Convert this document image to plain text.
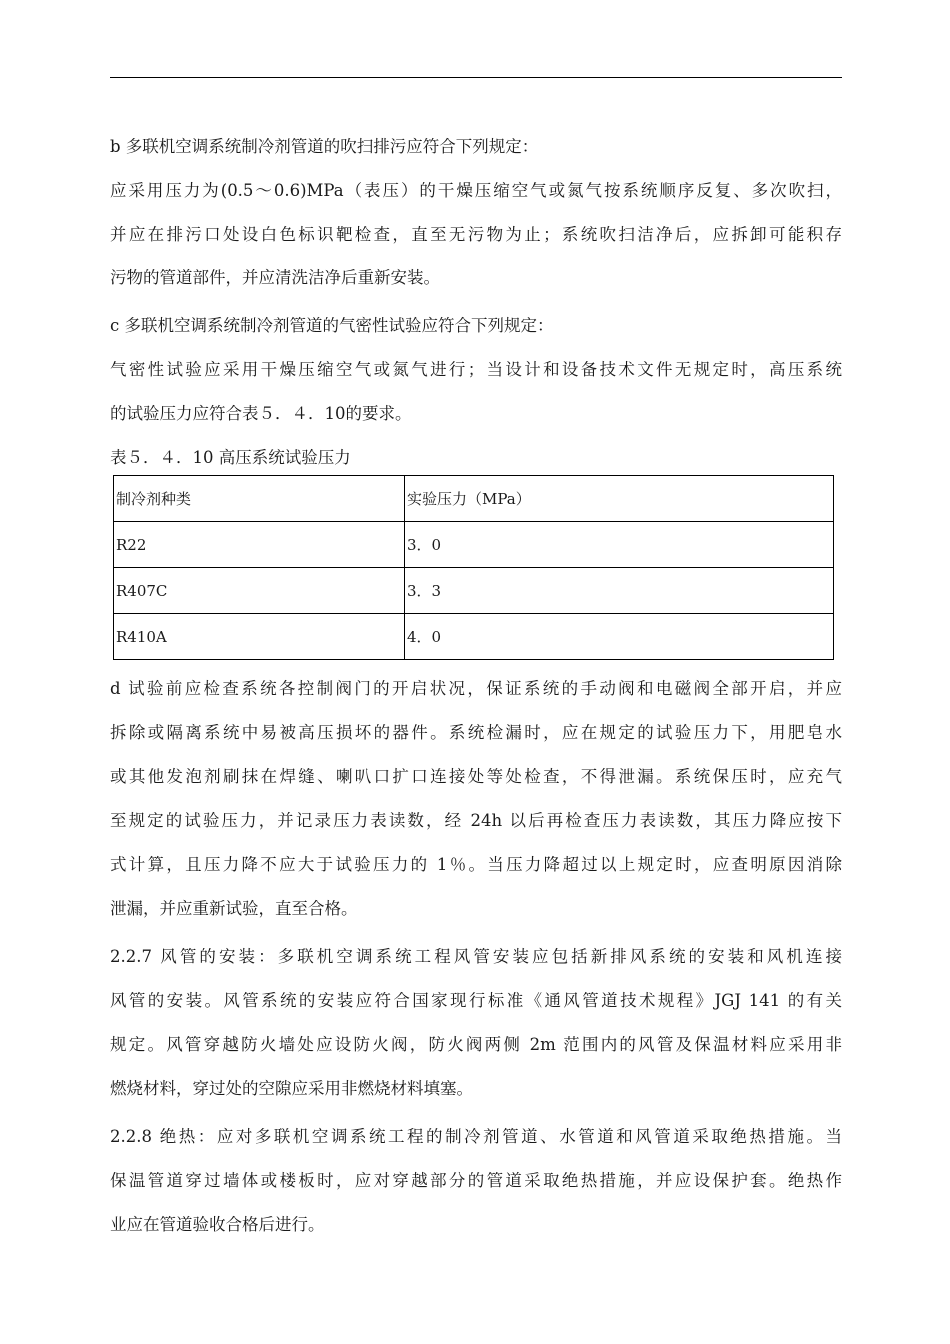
b 多联机空调系统制冷剂管道的吹扫排污应符合下列规定：
应采用压力为(0.5～0.6)MPa（表压）的干燥压缩空气或氮气按系统顺序反复、多次吹扫，
并应在排污口处设白色标识靶检查，直至无污物为止；系统吹扫洁净后，应拆卸可能积存
污物的管道部件，并应清洗洁净后重新安装。
c 多联机空调系统制冷剂管道的气密性试验应符合下列规定：
气密性试验应采用干燥压缩空气或氮气进行；当设计和设备技术文件无规定时，高压系统
的试验压力应符合表５．４．10的要求。
表５．４．10 高压系统试验压力
制冷剂种类	实验压力（MPa）
R22	3．0
R407C	3．3
R410A	4．0
d 试验前应检查系统各控制阀门的开启状况，保证系统的手动阀和电磁阀全部开启，并应
拆除或隔离系统中易被高压损坏的器件。系统检漏时，应在规定的试验压力下，用肥皂水
或其他发泡剂刷抹在焊缝、喇叭口扩口连接处等处检查，不得泄漏。系统保压时，应充气
至规定的试验压力，并记录压力表读数，经 24h 以后再检查压力表读数，其压力降应按下
式计算，且压力降不应大于试验压力的 1％。当压力降超过以上规定时，应查明原因消除
泄漏，并应重新试验，直至合格。
2.2.7 风管的安装：多联机空调系统工程风管安装应包括新排风系统的安装和风机连接
风管的安装。风管系统的安装应符合国家现行标准《通风管道技术规程》JGJ 141 的有关
规定。风管穿越防火墙处应设防火阀，防火阀两侧 2m 范围内的风管及保温材料应采用非
燃烧材料，穿过处的空隙应采用非燃烧材料填塞。
2.2.8 绝热：应对多联机空调系统工程的制冷剂管道、水管道和风管道采取绝热措施。当
保温管道穿过墙体或楼板时，应对穿越部分的管道采取绝热措施，并应设保护套。绝热作
业应在管道验收合格后进行。
